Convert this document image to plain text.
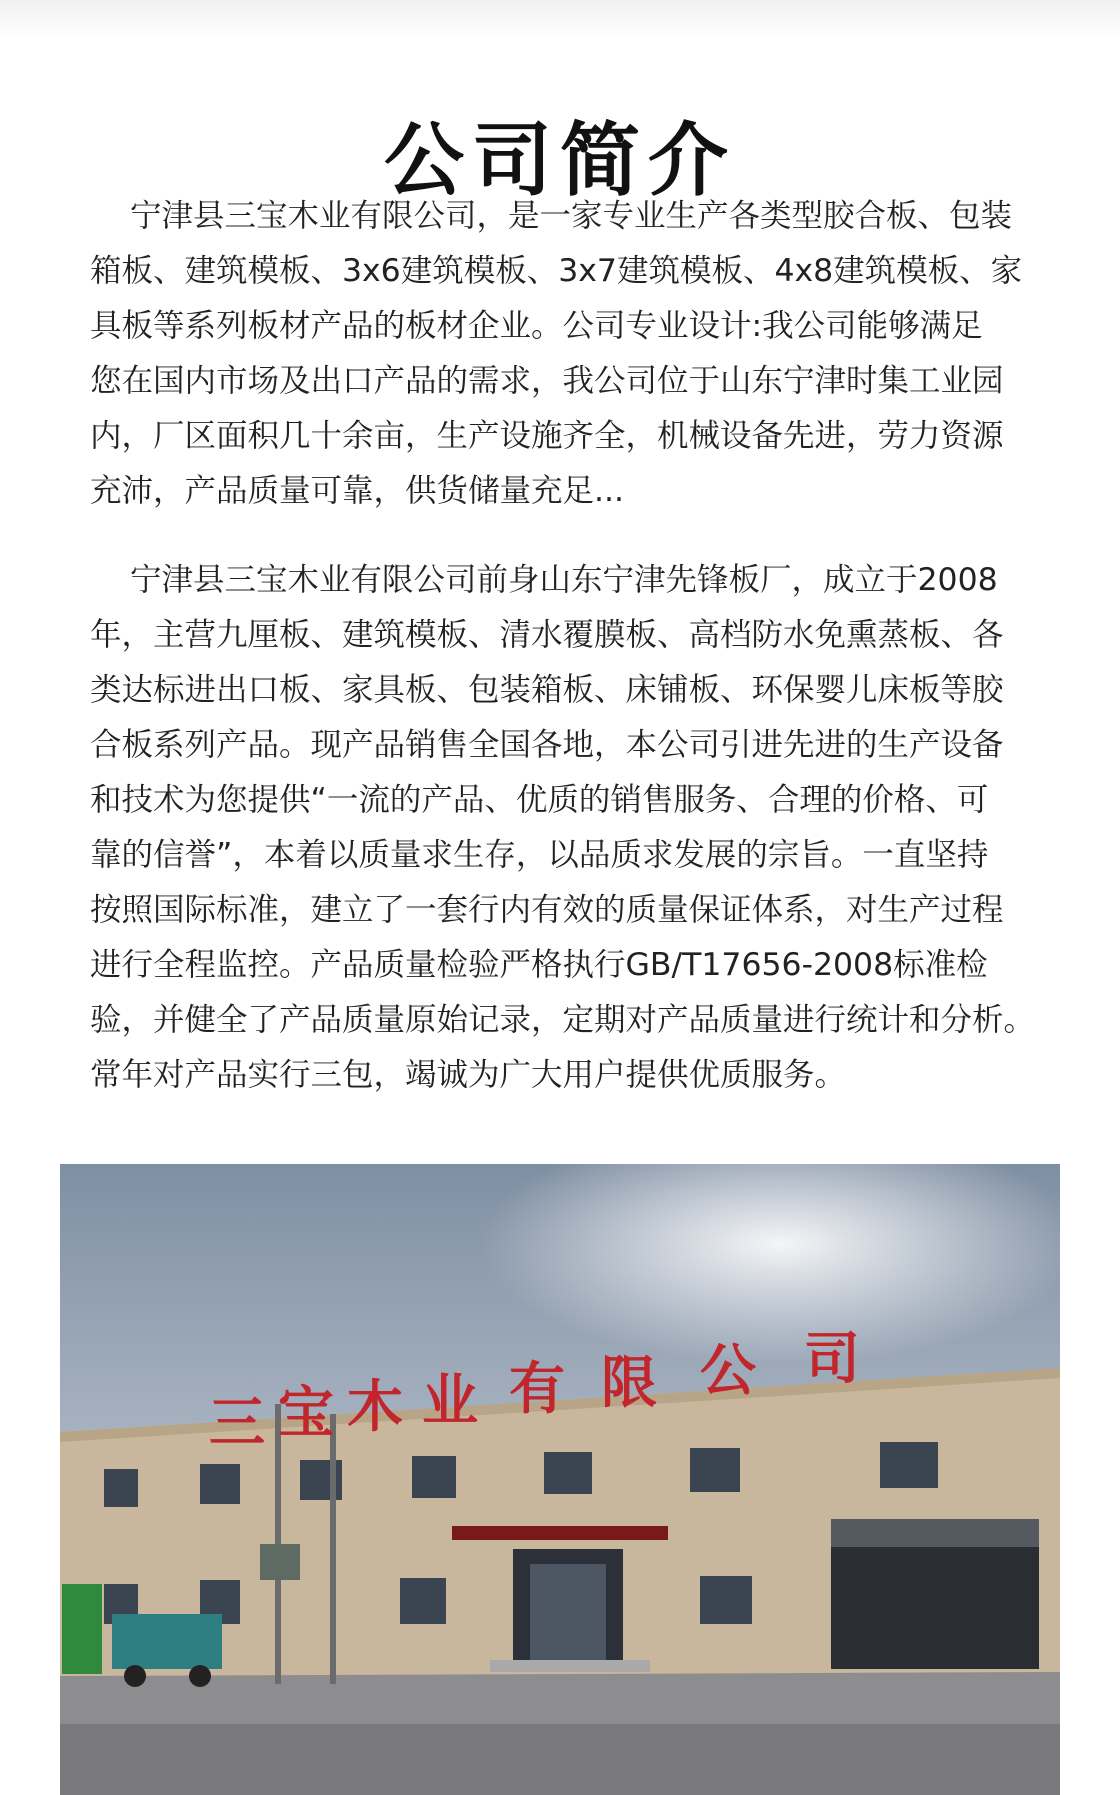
公司简介
宁津县三宝木业有限公司，是一家专业生产各类型胶合板、包装
箱板、建筑模板、3x6建筑模板、3x7建筑模板、4x8建筑模板、家
具板等系列板材产品的板材企业。公司专业设计:我公司能够满足
您在国内市场及出口产品的需求，我公司位于山东宁津时集工业园
内，厂区面积几十余亩，生产设施齐全，机械设备先进，劳力资源
充沛，产品质量可靠，供货储量充足...
宁津县三宝木业有限公司前身山东宁津先锋板厂，成立于2008
年，主营九厘板、建筑模板、清水覆膜板、高档防水免熏蒸板、各
类达标进出口板、家具板、包装箱板、床铺板、环保婴儿床板等胶
合板系列产品。现产品销售全国各地，本公司引进先进的生产设备
和技术为您提供“一流的产品、优质的销售服务、合理的价格、可
靠的信誉”，本着以质量求生存，以品质求发展的宗旨。一直坚持
按照国际标准，建立了一套行内有效的质量保证体系，对生产过程
进行全程监控。产品质量检验严格执行GB/T17656-2008标准检
验，并健全了产品质量原始记录，定期对产品质量进行统计和分析。
常年对产品实行三包，竭诚为广大用户提供优质服务。
三 宝 木 业 有 限 公 司
